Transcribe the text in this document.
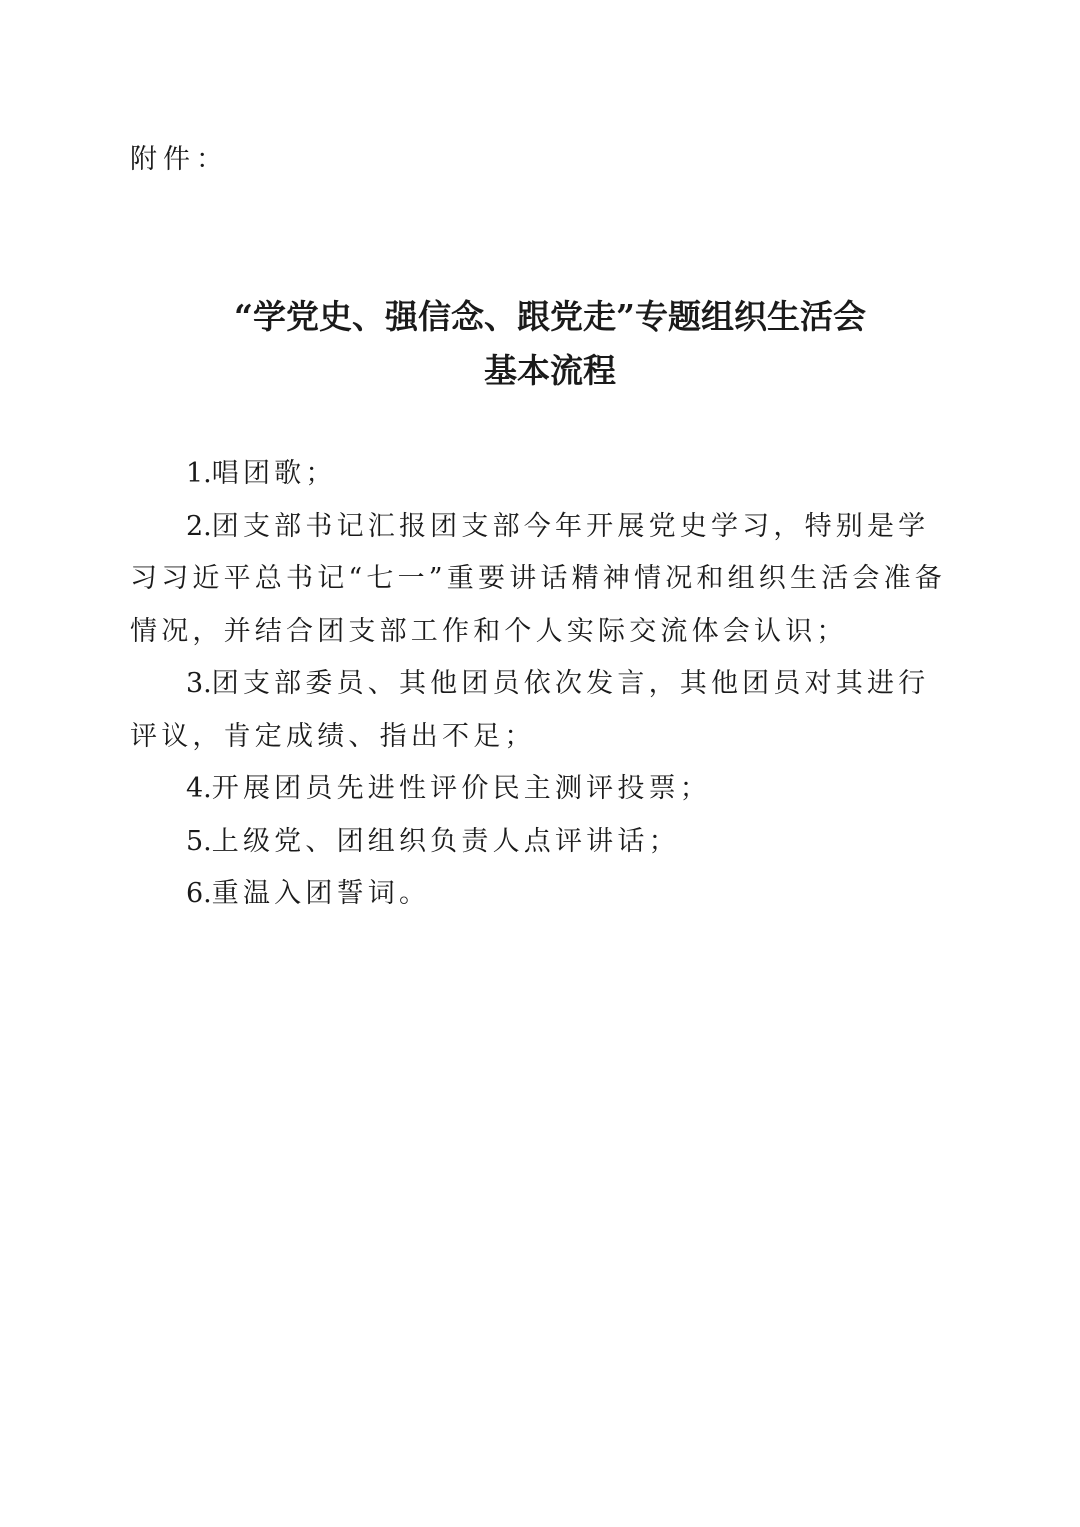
附件：
“学党史、强信念、跟党走”专题组织生活会
基本流程

1.唱团歌；

2.团支部书记汇报团支部今年开展党史学习，特别是学习习近平总书记“七一”重要讲话精神情况和组织生活会准备情况，并结合团支部工作和个人实际交流体会认识；

3.团支部委员、其他团员依次发言，其他团员对其进行评议，肯定成绩、指出不足；

4.开展团员先进性评价民主测评投票；

5.上级党、团组织负责人点评讲话；

6.重温入团誓词。
